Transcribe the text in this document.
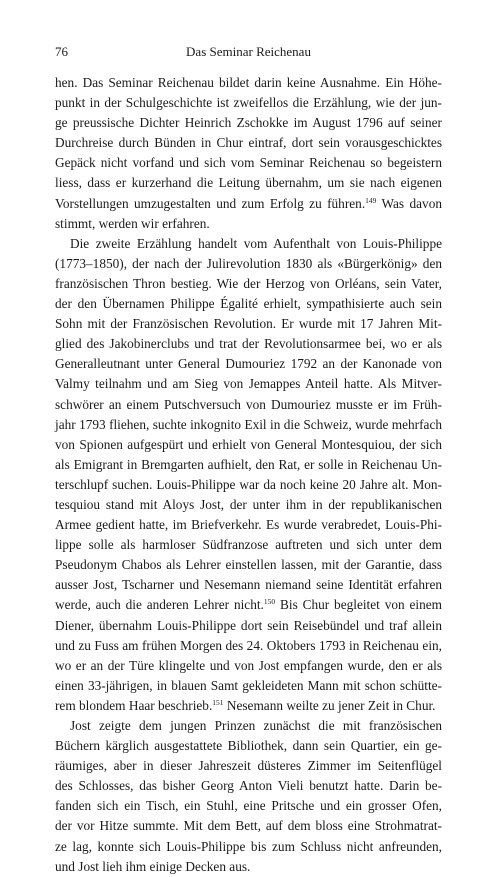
76	Das Seminar Reichenau
hen. Das Seminar Reichenau bildet darin keine Ausnahme. Ein Höhe-
punkt in der Schulgeschichte ist zweifellos die Erzählung, wie der jun-
ge preussische Dichter Heinrich Zschokke im August 1796 auf seiner
Durchreise durch Bünden in Chur eintraf, dort sein vorausgeschicktes
Gepäck nicht vorfand und sich vom Seminar Reichenau so begeistern
liess, dass er kurzerhand die Leitung übernahm, um sie nach eigenen
Vorstellungen umzugestalten und zum Erfolg zu führen.$^{149}$ Was davon
stimmt, werden wir erfahren.
Die zweite Erzählung handelt vom Aufenthalt von Louis-Philippe
(1773–1850), der nach der Julirevolution 1830 als «Bürgerkönig» den
französischen Thron bestieg. Wie der Herzog von Orléans, sein Vater,
der den Übernamen Philippe Égalité erhielt, sympathisierte auch sein
Sohn mit der Französischen Revolution. Er wurde mit 17 Jahren Mit-
glied des Jakobinerclubs und trat der Revolutionsarmee bei, wo er als
Generalleutnant unter General Dumouriez 1792 an der Kanonade von
Valmy teilnahm und am Sieg von Jemappes Anteil hatte. Als Mitver-
schwörer an einem Putschversuch von Dumouriez musste er im Früh-
jahr 1793 fliehen, suchte inkognito Exil in die Schweiz, wurde mehrfach
von Spionen aufgespürt und erhielt von General Montesquiou, der sich
als Emigrant in Bremgarten aufhielt, den Rat, er solle in Reichenau Un-
terschlupf suchen. Louis-Philippe war da noch keine 20 Jahre alt. Mon-
tesquiou stand mit Aloys Jost, der unter ihm in der republikanischen
Armee gedient hatte, im Briefverkehr. Es wurde verabredet, Louis-Phi-
lippe solle als harmloser Südfranzose auftreten und sich unter dem
Pseudonym Chabos als Lehrer einstellen lassen, mit der Garantie, dass
ausser Jost, Tscharner und Nesemann niemand seine Identität erfahren
werde, auch die anderen Lehrer nicht.$^{150}$ Bis Chur begleitet von einem
Diener, übernahm Louis-Philippe dort sein Reisebündel und traf allein
und zu Fuss am frühen Morgen des 24. Oktobers 1793 in Reichenau ein,
wo er an der Türe klingelte und von Jost empfangen wurde, den er als
einen 33-jährigen, in blauen Samt gekleideten Mann mit schon schütte-
rem blondem Haar beschrieb.$^{151}$ Nesemann weilte zu jener Zeit in Chur.
Jost zeigte dem jungen Prinzen zunächst die mit französischen
Büchern kärglich ausgestattete Bibliothek, dann sein Quartier, ein ge-
räumiges, aber in dieser Jahreszeit düsteres Zimmer im Seitenflügel
des Schlosses, das bisher Georg Anton Vieli benutzt hatte. Darin be-
fanden sich ein Tisch, ein Stuhl, eine Pritsche und ein grosser Ofen,
der vor Hitze summte. Mit dem Bett, auf dem bloss eine Strohmatrat-
ze lag, konnte sich Louis-Philippe bis zum Schluss nicht anfreunden,
und Jost lieh ihm einige Decken aus.
